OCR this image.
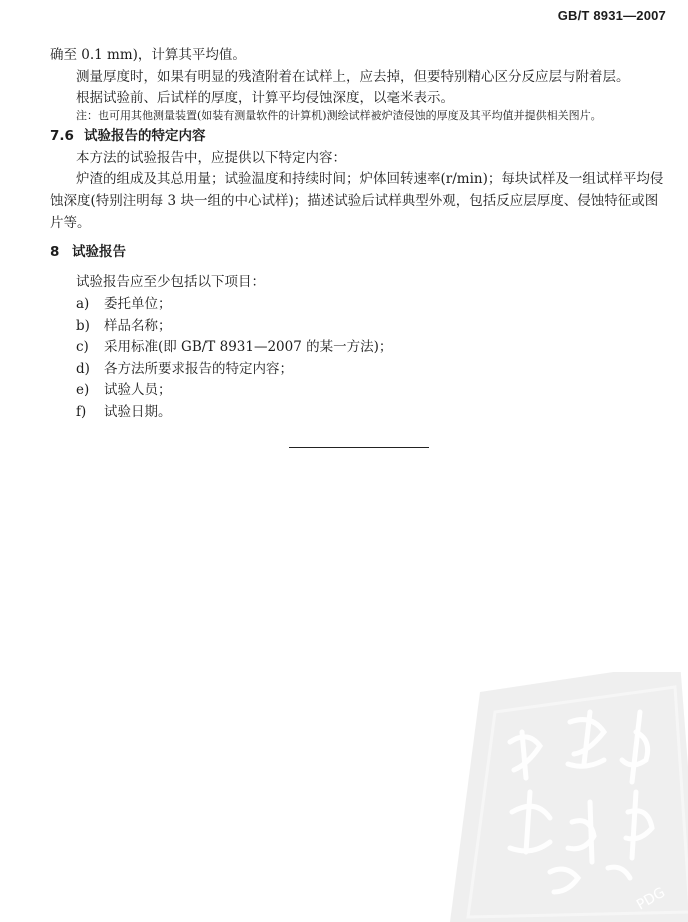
GB/T 8931—2007
确至 0.1 mm)，计算其平均值。
测量厚度时，如果有明显的残渣附着在试样上，应去掉，但要特别精心区分反应层与附着层。
根据试验前、后试样的厚度，计算平均侵蚀深度，以毫米表示。
注：也可用其他测量装置(如装有测量软件的计算机)测绘试样被炉渣侵蚀的厚度及其平均值并提供相关图片。
7.6 试验报告的特定内容
本方法的试验报告中，应提供以下特定内容：
炉渣的组成及其总用量；试验温度和持续时间；炉体回转速率(r/min)；每块试样及一组试样平均侵
蚀深度(特别注明每 3 块一组的中心试样)；描述试验后试样典型外观，包括反应层厚度、侵蚀特征或图
片等。
8 试验报告
试验报告应至少包括以下项目：
a) 委托单位；
b) 样品名称；
c) 采用标准(即 GB/T 8931—2007 的某一方法)；
d) 各方法所要求报告的特定内容；
e) 试验人员；
f) 试验日期。
PDG
